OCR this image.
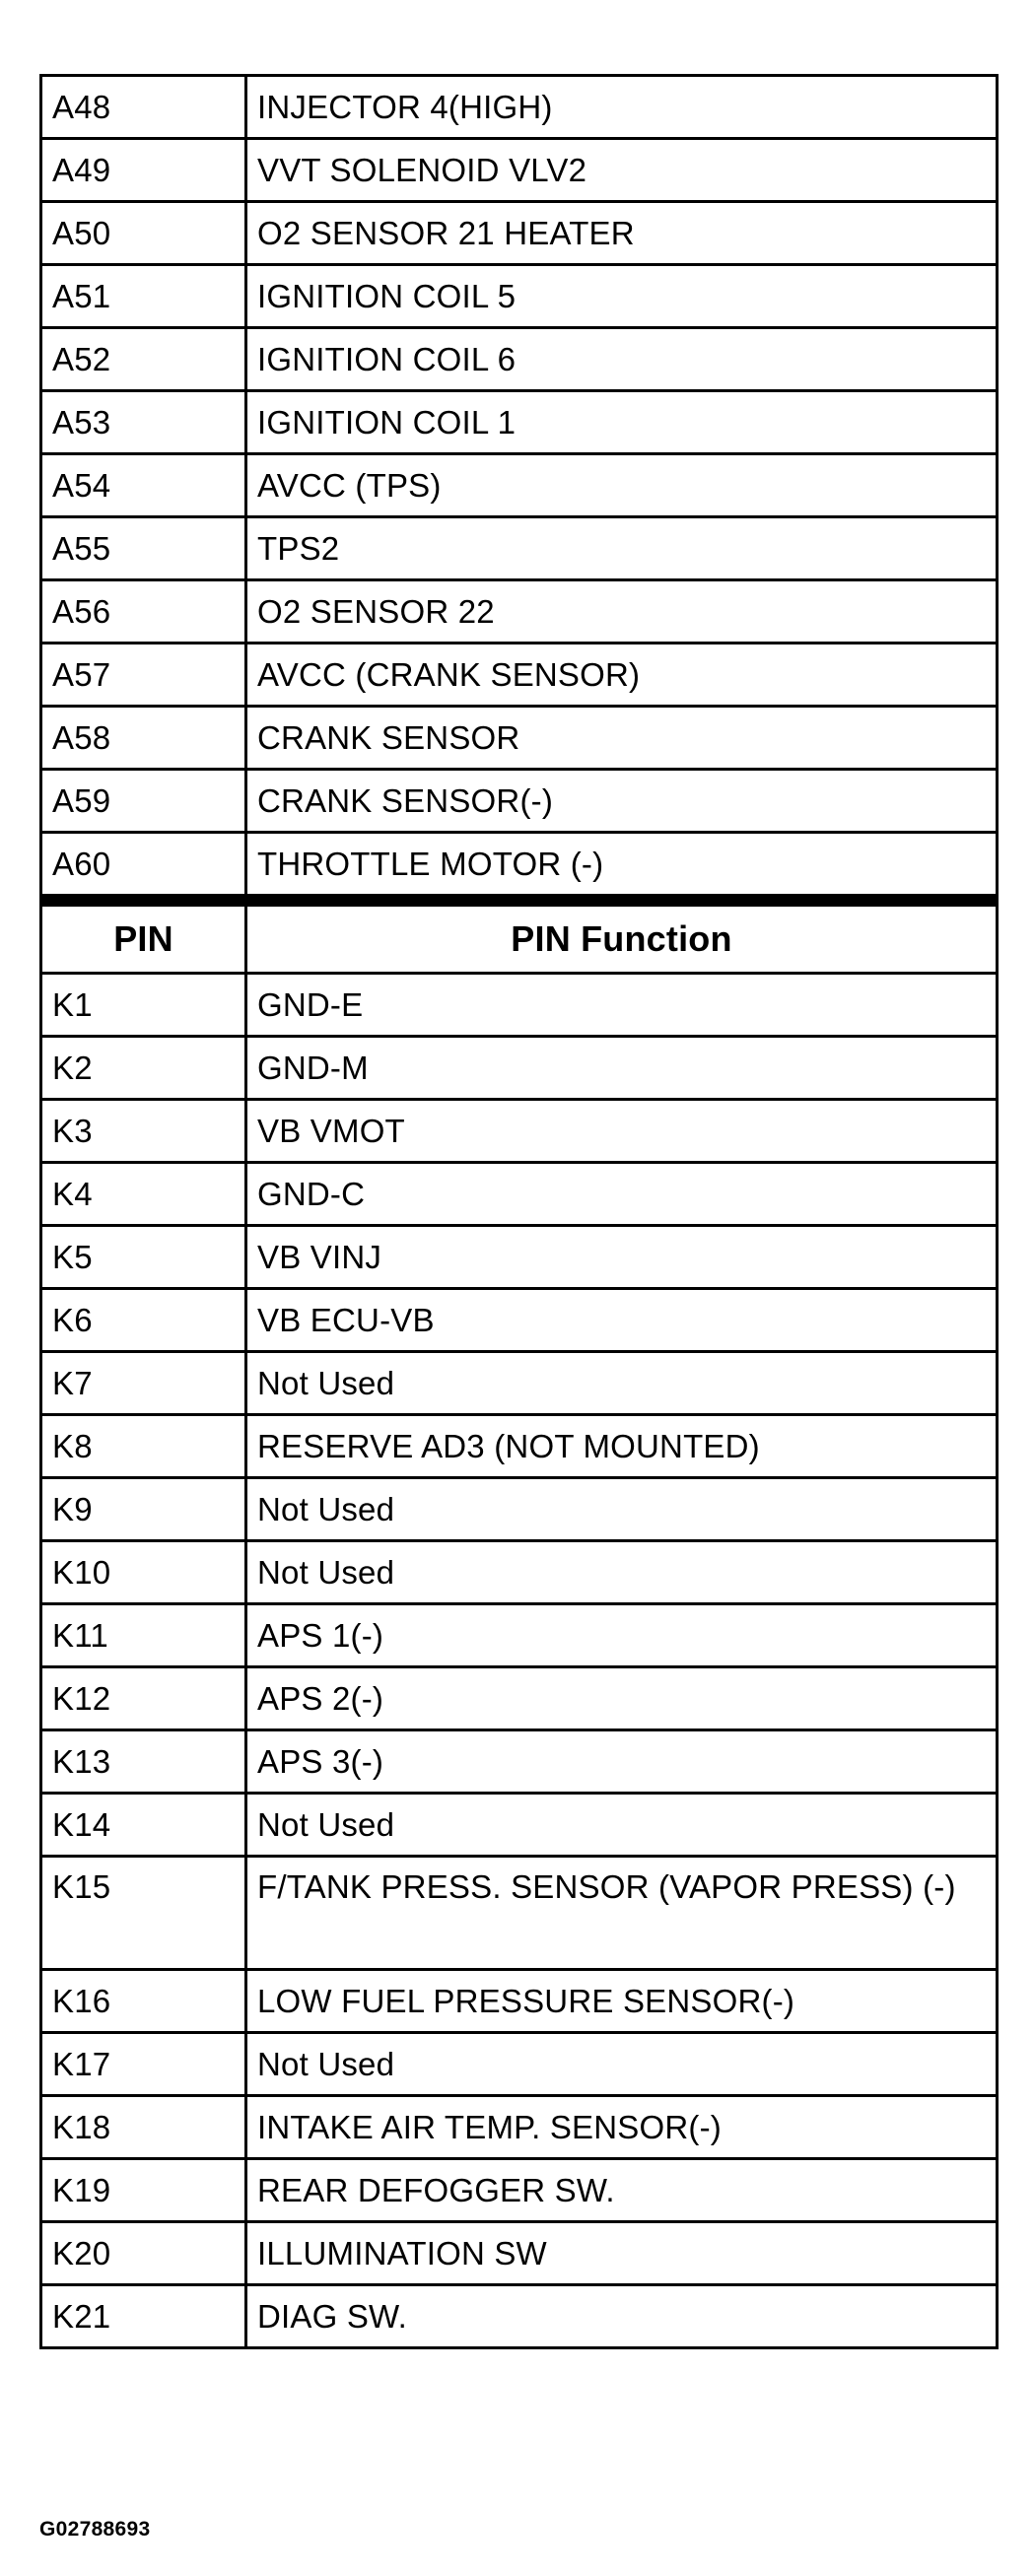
A48	INJECTOR 4(HIGH)
A49	VVT SOLENOID VLV2
A50	O2 SENSOR 21 HEATER
A51	IGNITION COIL 5
A52	IGNITION COIL 6
A53	IGNITION COIL 1
A54	AVCC (TPS)
A55	TPS2
A56	O2 SENSOR 22
A57	AVCC (CRANK SENSOR)
A58	CRANK SENSOR
A59	CRANK SENSOR(-)
A60	THROTTLE MOTOR (-)

PIN	PIN Function
K1	GND-E
K2	GND-M
K3	VB VMOT
K4	GND-C
K5	VB VINJ
K6	VB ECU-VB
K7	Not Used
K8	RESERVE AD3 (NOT MOUNTED)
K9	Not Used
K10	Not Used
K11	APS 1(-)
K12	APS 2(-)
K13	APS 3(-)
K14	Not Used
K15	F/TANK PRESS. SENSOR (VAPOR PRESS) (-)
K16	LOW FUEL PRESSURE SENSOR(-)
K17	Not Used
K18	INTAKE AIR TEMP. SENSOR(-)
K19	REAR DEFOGGER SW.
K20	ILLUMINATION SW
K21	DIAG SW.
G02788693
